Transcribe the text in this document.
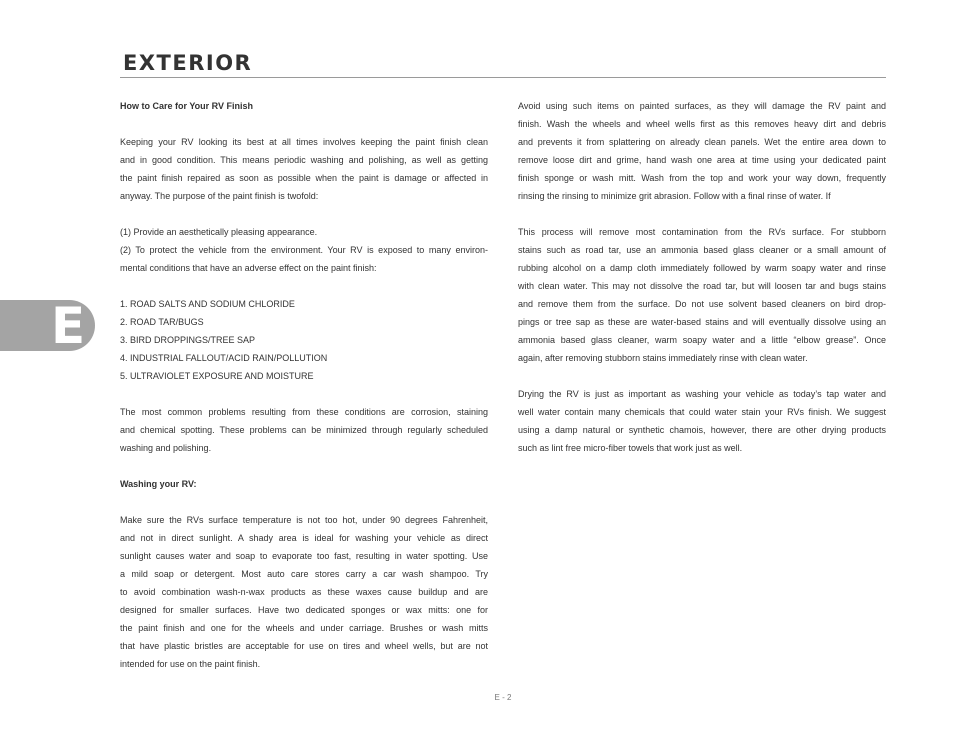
EXTERIOR
E
How to Care for Your RV Finish
Keeping your RV looking its best at all times involves keeping the paint finish clean
and in good condition. This means periodic washing and polishing, as well as getting
the paint finish repaired as soon as possible when the paint is damage or affected in
anyway. The purpose of the paint finish is twofold:
(1) Provide an aesthetically pleasing appearance.
(2) To protect the vehicle from the environment. Your RV is exposed to many environ-
mental conditions that have an adverse effect on the paint finish:
1. ROAD SALTS AND SODIUM CHLORIDE
2. ROAD TAR/BUGS
3. BIRD DROPPINGS/TREE SAP
4. INDUSTRIAL FALLOUT/ACID RAIN/POLLUTION
5. ULTRAVIOLET EXPOSURE AND MOISTURE
The most common problems resulting from these conditions are corrosion, staining
and chemical spotting. These problems can be minimized through regularly scheduled
washing and polishing.
Washing your RV:
Make sure the RVs surface temperature is not too hot, under 90 degrees Fahrenheit,
and not in direct sunlight. A shady area is ideal for washing your vehicle as direct
sunlight causes water and soap to evaporate too fast, resulting in water spotting. Use
a mild soap or detergent. Most auto care stores carry a car wash shampoo. Try
to avoid combination wash-n-wax products as these waxes cause buildup and are
designed for smaller surfaces. Have two dedicated sponges or wax mitts: one for
the paint finish and one for the wheels and under carriage. Brushes or wash mitts
that have plastic bristles are acceptable for use on tires and wheel wells, but are not
intended for use on the paint finish.
Avoid using such items on painted surfaces, as they will damage the RV paint and
finish. Wash the wheels and wheel wells first as this removes heavy dirt and debris
and prevents it from splattering on already clean panels. Wet the entire area down to
remove loose dirt and grime, hand wash one area at time using your dedicated paint
finish sponge or wash mitt. Wash from the top and work your way down, frequently
rinsing the rinsing to minimize grit abrasion. Follow with a final rinse of water. If
This process will remove most contamination from the RVs surface. For stubborn
stains such as road tar, use an ammonia based glass cleaner or a small amount of
rubbing alcohol on a damp cloth immediately followed by warm soapy water and rinse
with clean water. This may not dissolve the road tar, but will loosen tar and bugs stains
and remove them from the surface. Do not use solvent based cleaners on bird drop-
pings or tree sap as these are water-based stains and will eventually dissolve using an
ammonia based glass cleaner, warm soapy water and a little “elbow grease”. Once
again, after removing stubborn stains immediately rinse with clean water.
Drying the RV is just as important as washing your vehicle as today’s tap water and
well water contain many chemicals that could water stain your RVs finish. We suggest
using a damp natural or synthetic chamois, however, there are other drying products
such as lint free micro-fiber towels that work just as well.
E - 2
